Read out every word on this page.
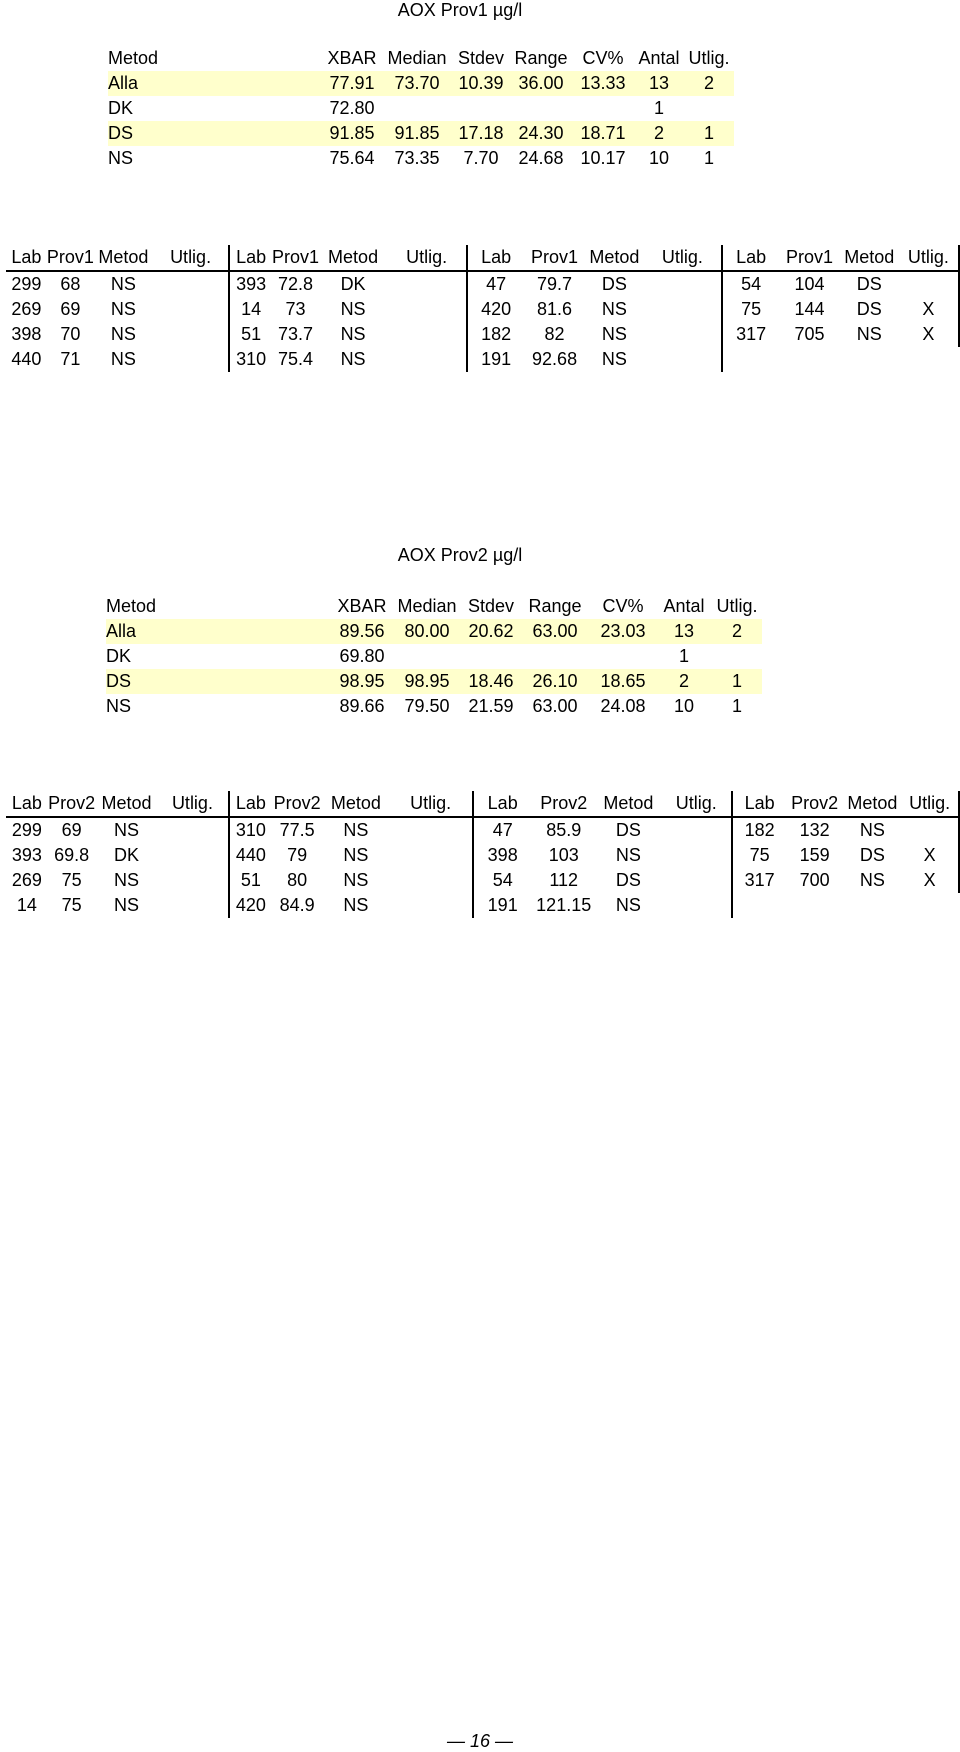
AOX Prov1 µg/l
Metod	XBAR	Median	Stdev	Range	CV%	Antal	Utlig.
Alla	77.91	73.70	10.39	36.00	13.33	13	2
DK	72.80					1	
DS	91.85	91.85	17.18	24.30	18.71	2	1
NS	75.64	73.35	7.70	24.68	10.17	10	1
Lab	Prov1	Metod	Utlig.	Lab	Prov1	Metod	Utlig.	Lab	Prov1	Metod	Utlig.	Lab	Prov1	Metod	Utlig.
299	68	NS		393	72.8	DK		47	79.7	DS		54	104	DS	
269	69	NS		14	73	NS		420	81.6	NS		75	144	DS	X
398	70	NS		51	73.7	NS		182	82	NS		317	705	NS	X
440	71	NS		310	75.4	NS		191	92.68	NS					
AOX Prov2 µg/l
Metod	XBAR	Median	Stdev	Range	CV%	Antal	Utlig.
Alla	89.56	80.00	20.62	63.00	23.03	13	2
DK	69.80					1	
DS	98.95	98.95	18.46	26.10	18.65	2	1
NS	89.66	79.50	21.59	63.00	24.08	10	1
Lab	Prov2	Metod	Utlig.	Lab	Prov2	Metod	Utlig.	Lab	Prov2	Metod	Utlig.	Lab	Prov2	Metod	Utlig.
299	69	NS		310	77.5	NS		47	85.9	DS		182	132	NS	
393	69.8	DK		440	79	NS		398	103	NS		75	159	DS	X
269	75	NS		51	80	NS		54	112	DS		317	700	NS	X
14	75	NS		420	84.9	NS		191	121.15	NS					
— 16 —
